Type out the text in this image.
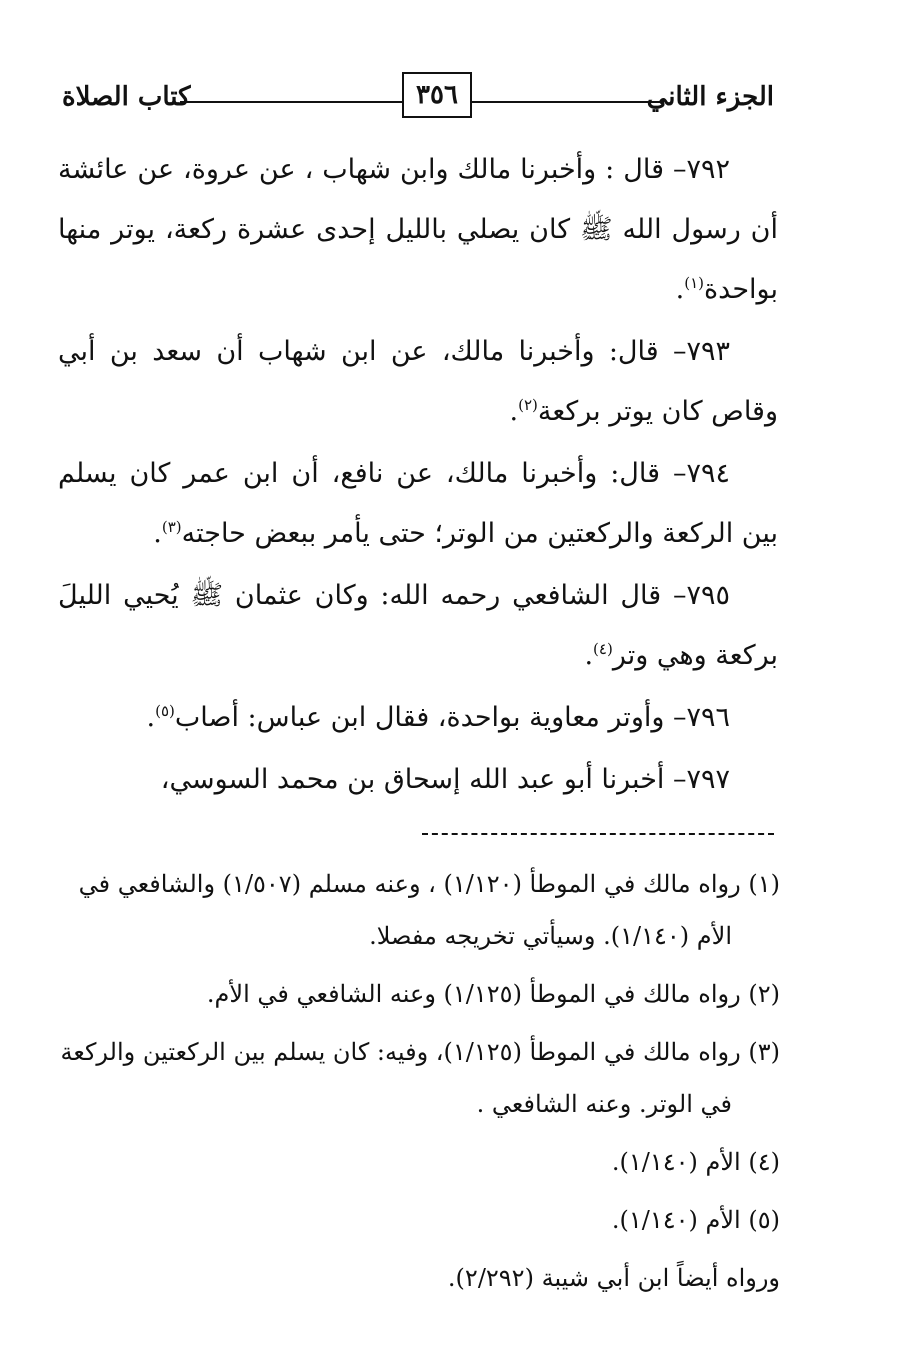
الجزء الثاني
٣٥٦
كتاب الصلاة

٧٩٢– قال : وأخبرنا مالك وابن شهاب ، عن عروة، عن عائشة أن رسول الله ﷺ كان يصلي بالليل إحدى عشرة ركعة، يوتر منها بواحدة$^{(١)}$.

٧٩٣– قال: وأخبرنا مالك، عن ابن شهاب أن سعد بن أبي وقاص كان يوتر بركعة$^{(٢)}$.

٧٩٤– قال: وأخبرنا مالك، عن نافع، أن ابن عمر كان يسلم بين الركعة والركعتين من الوتر؛ حتى يأمر ببعض حاجته$^{(٣)}$.

٧٩٥– قال الشافعي رحمه الله: وكان عثمان ﷺ يُحيي الليلَ بركعة وهي وتر$^{(٤)}$.

٧٩٦– وأوتر معاوية بواحدة، فقال ابن عباس: أصاب$^{(٥)}$.

٧٩٧– أخبرنا أبو عبد الله إسحاق بن محمد السوسي،

(١) رواه مالك في الموطأ (١/١٢٠) ، وعنه مسلم (١/٥٠٧) والشافعي في
الأم (١/١٤٠). وسيأتي تخريجه مفصلا.

(٢) رواه مالك في الموطأ (١/١٢٥) وعنه الشافعي في الأم.

(٣) رواه مالك في الموطأ (١/١٢٥)، وفيه: كان يسلم بين الركعتين والركعة
في الوتر. وعنه الشافعي .

(٤) الأم (١/١٤٠).

(٥) الأم (١/١٤٠).

ورواه أيضاً ابن أبي شيبة (٢/٢٩٢).
